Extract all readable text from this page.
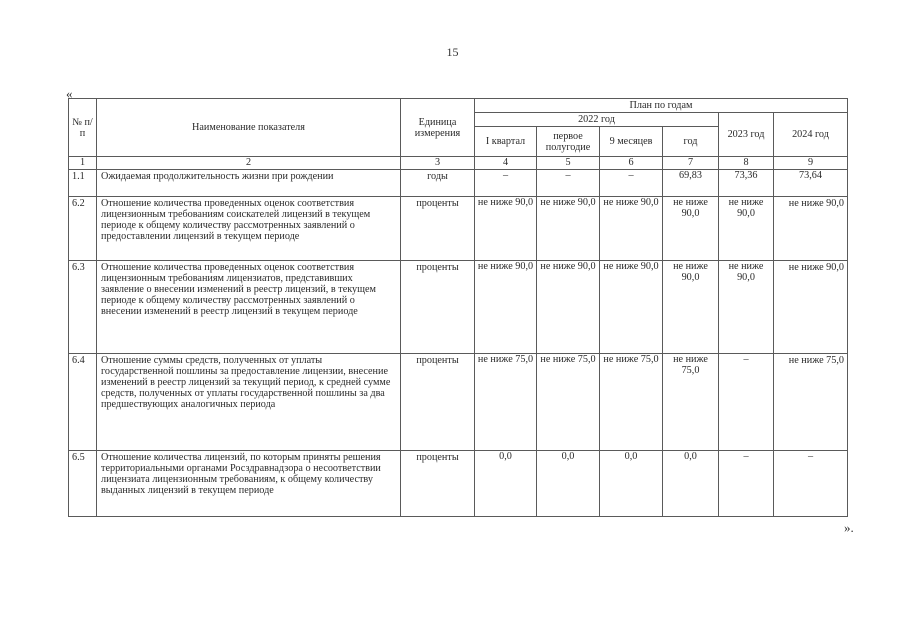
15
«
№ п/п	Наименование показателя	Единица измерения	План по годам					
			2022 год				2023 год	2024 год
			I квартал	первое полугодие	9 месяцев	год		
1	2	3	4	5	6	7	8	9
1.1	Ожидаемая продолжительность жизни при рождении	годы	–	–	–	69,83	73,36	73,64
6.2	Отношение количества проведенных оценок соответствия лицензионным требованиям соискателей лицензий в текущем периоде к общему количеству рассмотренных заявлений о предоставлении лицензий в текущем периоде	проценты	не ниже 90,0	не ниже 90,0	не ниже 90,0	не ниже 90,0	не ниже 90,0	не ниже 90,0
6.3	Отношение количества проведенных оценок соответствия лицензионным требованиям лицензиатов, представивших заявление о внесении изменений в реестр лицензий, в текущем периоде к общему количеству рассмотренных заявлений о внесении изменений в реестр лицензий в текущем периоде	проценты	не ниже 90,0	не ниже 90,0	не ниже 90,0	не ниже 90,0	не ниже 90,0	не ниже 90,0
6.4	Отношение суммы средств, полученных от уплаты государственной пошлины за предоставление лицензии, внесение изменений в реестр лицензий за текущий период, к средней сумме средств, полученных от уплаты государственной пошлины за два предшествующих аналогичных периода	проценты	не ниже 75,0	не ниже 75,0	не ниже 75,0	не ниже 75,0	–	не ниже 75,0
6.5	Отношение количества лицензий, по которым приняты решения территориальными органами Росздравнадзора о несоответствии лицензиата лицензионным требованиям, к общему количеству выданных лицензий в текущем периоде	проценты	0,0	0,0	0,0	0,0	–	–
».
